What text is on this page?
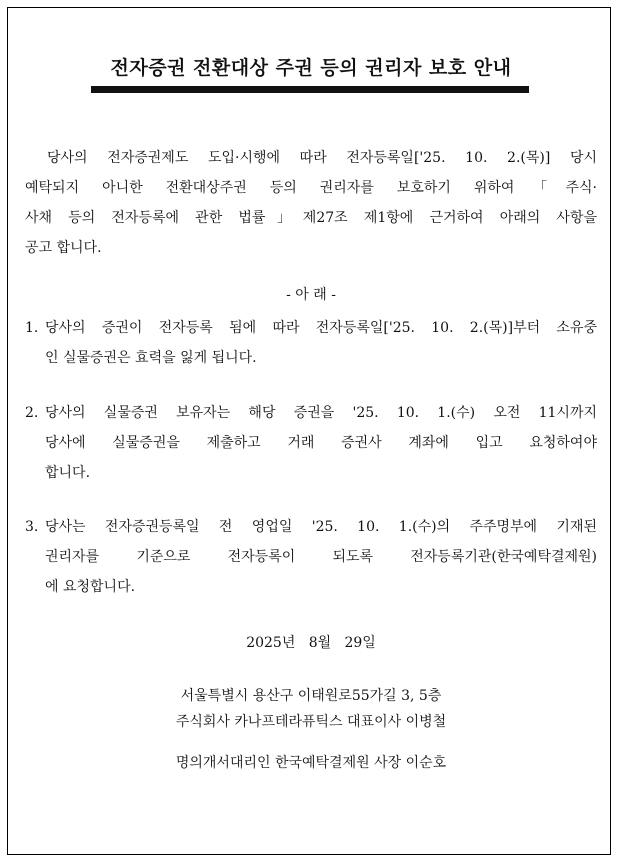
전자증권 전환대상 주권 등의 권리자 보호 안내
당사의 전자증권제도 도입·시행에 따라 전자등록일['25. 10. 2.(목)] 당시
예탁되지 아니한 전환대상주권 등의 권리자를 보호하기 위하여「주식·
사채 등의 전자등록에 관한 법률」제27조 제1항에 근거하여 아래의 사항을
공고 합니다.
- 아 래 -
1. 당사의 증권이 전자등록 됨에 따라 전자등록일['25. 10. 2.(목)]부터 소유중
인 실물증권은 효력을 잃게 됩니다.
2. 당사의 실물증권 보유자는 해당 증권을 '25. 10. 1.(수) 오전 11시까지
당사에 실물증권을 제출하고 거래 증권사 계좌에 입고 요청하여야
합니다.
3. 당사는 전자증권등록일 전 영업일 '25. 10. 1.(수)의 주주명부에 기재된
권리자를 기준으로 전자등록이 되도록 전자등록기관(한국예탁결제원)
에 요청합니다.
2025년   8월   29일
서울특별시 용산구 이태원로55가길 3, 5층
주식회사 카나프테라퓨틱스 대표이사 이병철
명의개서대리인 한국예탁결제원 사장 이순호
